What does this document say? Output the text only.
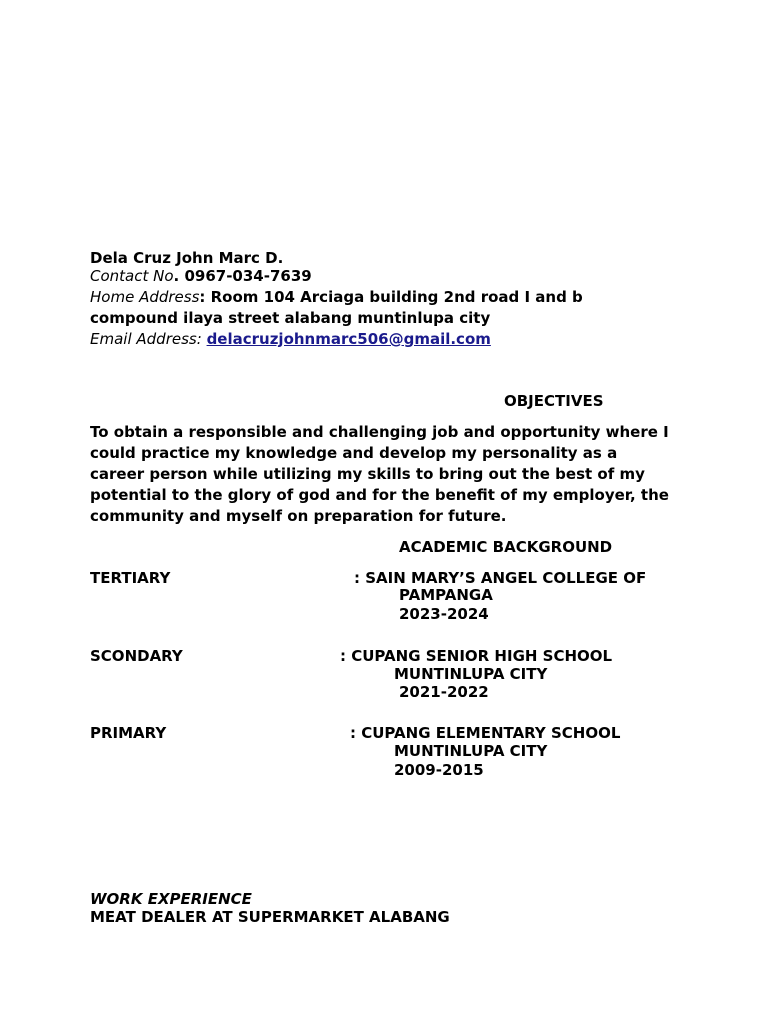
Dela Cruz John Marc D.
Contact No. 0967-034-7639
Home Address: Room 104 Arciaga building 2nd road I and b
compound ilaya street alabang muntinlupa city
Email Address: delacruzjohnmarc506@gmail.com
OBJECTIVES
To obtain a responsible and challenging job and opportunity where I
could practice my knowledge and develop my personality as a
career person while utilizing my skills to bring out the best of my
potential to the glory of god and for the benefit of my employer, the
community and myself on preparation for future.
ACADEMIC BACKGROUND
TERTIARY	: SAIN MARY’S ANGEL COLLEGE OF
PAMPANGA
2023-2024
SCONDARY	: CUPANG SENIOR HIGH SCHOOL
MUNTINLUPA CITY
2021-2022
PRIMARY	: CUPANG ELEMENTARY SCHOOL
MUNTINLUPA CITY
2009-2015
WORK EXPERIENCE
MEAT DEALER AT SUPERMARKET ALABANG
